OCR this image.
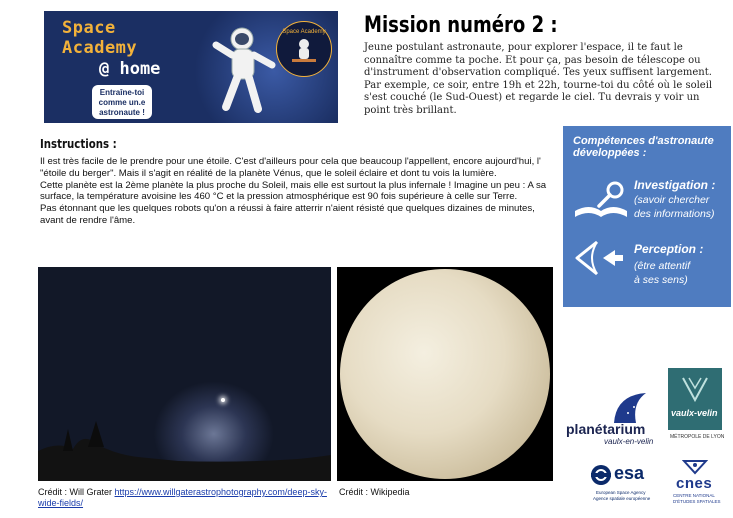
Space
Academy
@ home
Entraîne-toi comme un.e astronaute !
Space Academy Mission numéro 2 :
Jeune postulant astronaute, pour explorer l'espace, il te faut le connaître comme ta poche. Et pour ça, pas besoin de télescope ou d'instrument d'observation compliqué. Tes yeux suffisent largement. Par exemple, ce soir, entre 19h et 22h, tourne-toi du côté où le soleil s'est couché (le Sud-Ouest) et regarde le ciel. Tu devrais y voir un point très brillant.
Instructions :

Il est très facile de le prendre pour une étoile. C'est d'ailleurs pour cela que beaucoup l'appellent, encore aujourd'hui, l' "étoile du berger". Mais il s'agit en réalité de la planète Vénus, que le soleil éclaire et dont tu vois la lumière.

Cette planète est la 2ème planète la plus proche du Soleil, mais elle est surtout la plus infernale ! Imagine un peu : A sa surface, la température avoisine les 460 °C et la pression atmosphérique est 90 fois supérieure à celle sur Terre.

Pas étonnant que les quelques robots qu'on a réussi à faire atterrir n'aient résisté que quelques dizaines de minutes, avant de rendre l'âme.

Compétences d'astronaute
développées :
Investigation :
(savoir chercher
des informations)
Perception :
(être attentif
à ses sens)
Crédit : Will Grater https://www.willgaterastrophotography.com/deep-sky-wide-fields/
Crédit : Wikipedia
planétarium
vaulx-en-velin
vaulx-velin
MÉTROPOLE DE LYON
esa
European Space Agency
Agence spatiale européenne
cnes
CENTRE NATIONAL
D'ÉTUDES SPATIALES
